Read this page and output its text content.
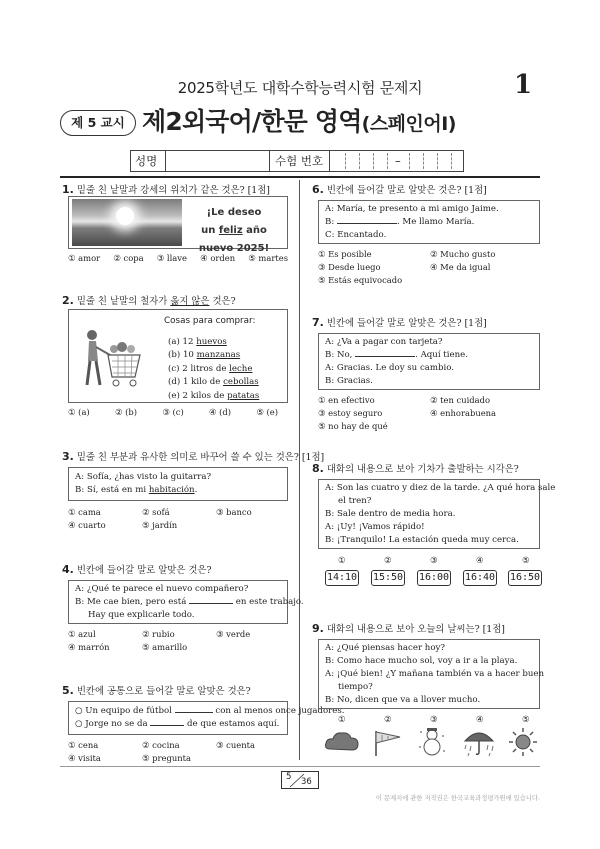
2025학년도 대학수학능력시험 문제지	1
제 5 교시 제2외국어/한문 영역(스페인어Ⅰ)
성명	수험 번호	–
1. 밑줄 친 낱말과 강세의 위치가 같은 것은? [1점]
¡Le deseo
un feliz año nuevo 2025!
① amor ② copa ③ llave ④ orden ⑤ martes
2. 밑줄 친 낱말의 철자가 옳지 않은 것은?
Cosas para comprar:
(a) 12 huevos
(b) 10 manzanas
(c) 2 litros de leche
(d) 1 kilo de cebollas
(e) 2 kilos de patatas
① (a)	② (b)	③ (c)	④ (d)	⑤ (e)
3. 밑줄 친 부분과 유사한 의미로 바꾸어 쓸 수 있는 것은? [1점]
A: Sofía, ¿has visto la guitarra?
B: Sí, está en mi habitación.
① cama	② sofá	③ banco
④ cuarto	⑤ jardín
4. 빈칸에 들어갈 말로 알맞은 것은?
A: ¿Qué te parece el nuevo compañero?
B: Me cae bien, pero está	en este trabajo.
Hay que explicarle todo.
① azul	② rubio	③ verde
④ marrón	⑤ amarillo
5. 빈칸에 공통으로 들어갈 말로 알맞은 것은?
○ Un equipo de fútbol	con al menos once jugadores.
○ Jorge no se da	de que estamos aquí.
① cena	② cocina	③ cuenta
④ visita	⑤ pregunta
6. 빈칸에 들어갈 말로 알맞은 것은? [1점]
A: María, te presento a mi amigo Jaime.
B:	. Me llamo María.
C: Encantado.
① Es posible	② Mucho gusto
③ Desde luego	④ Me da igual
⑤ Estás equivocado
7. 빈칸에 들어갈 말로 알맞은 것은? [1점]
A: ¿Va a pagar con tarjeta?
B: No,	. Aquí tiene.
A: Gracias. Le doy su cambio.
B: Gracias.
① en efectivo	② ten cuidado
③ estoy seguro	④ enhorabuena
⑤ no hay de qué
8. 대화의 내용으로 보아 기차가 출발하는 시각은?
A: Son las cuatro y diez de la tarde. ¿A qué hora sale
el tren?
B: Sale dentro de media hora.
A: ¡Uy! ¡Vamos rápido!
B: ¡Tranquilo! La estación queda muy cerca.
①	②	③	④	⑤
14:10 15:50 16:00 16:40 16:50
9. 대화의 내용으로 보아 오늘의 날씨는? [1점]
A: ¿Qué piensas hacer hoy?
B: Como hace mucho sol, voy a ir a la playa.
A: ¡Qué bien! ¿Y mañana también va a hacer buen
tiempo?
B: No, dicen que va a llover mucho.
①	②	③	④	⑤
5 36
이 문제지에 관한 저작권은 한국교육과정평가원에 있습니다.
